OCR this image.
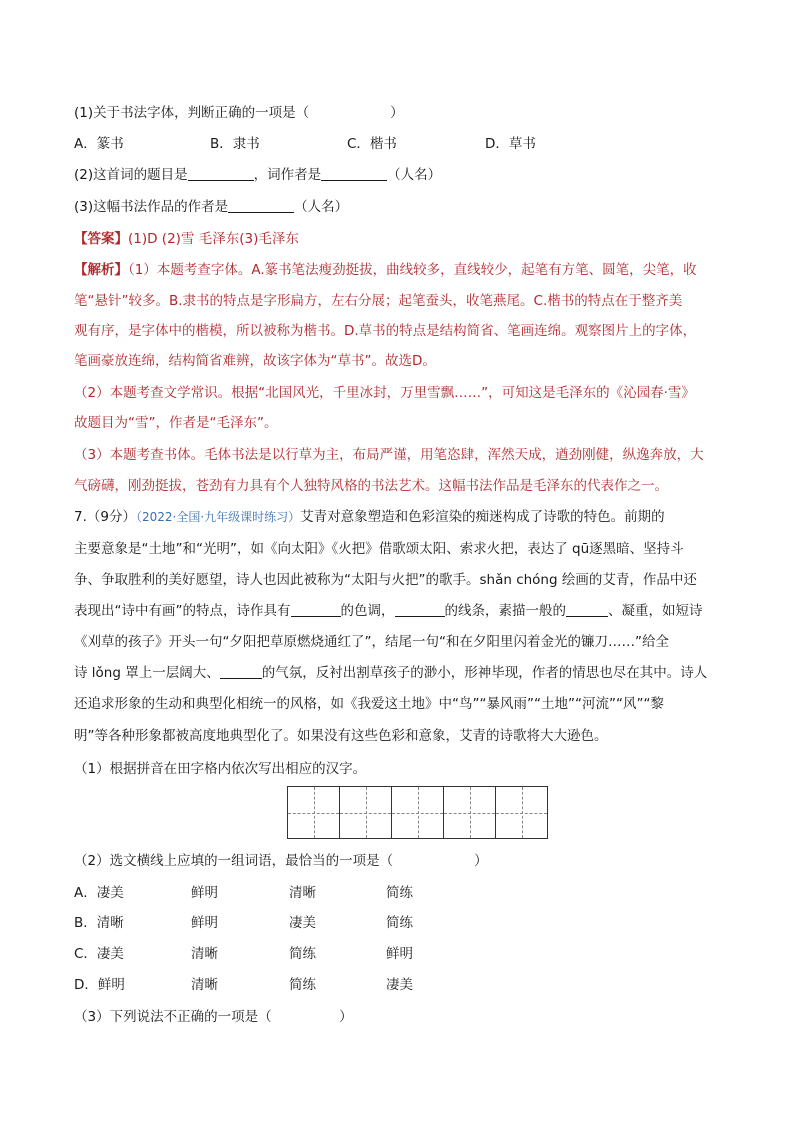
(1)关于书法字体，判断正确的一项是（　　　　　　）
A．篆书	B．隶书	C．楷书	D．草书
(2)这首词的题目是	，词作者是	（人名）
(3)这幅书法作品的作者是	（人名）
【答案】(1)D (2)雪 毛泽东(3)毛泽东
【解析】（1）本题考查字体。A.篆书笔法瘦劲挺拔，曲线较多，直线较少，起笔有方笔、圆笔，尖笔，收
笔“悬针”较多。B.隶书的特点是字形扁方，左右分展；起笔蚕头，收笔燕尾。C.楷书的特点在于整齐美
观有序，是字体中的楷模，所以被称为楷书。D.草书的特点是结构简省、笔画连绵。观察图片上的字体，
笔画豪放连绵，结构简省难辨，故该字体为“草书”。故选D。
（2）本题考查文学常识。根据“北国风光，千里冰封，万里雪飘……”，可知这是毛泽东的《沁园春·雪》
故题目为“雪”，作者是“毛泽东”。
（3）本题考查书体。毛体书法是以行草为主，布局严谨，用笔恣肆，浑然天成，遒劲刚健，纵逸奔放，大
气磅礴，刚劲挺拔，苍劲有力具有个人独特风格的书法艺术。这幅书法作品是毛泽东的代表作之一。
7.（9分）（2022·全国·九年级课时练习）艾青对意象塑造和色彩渲染的痴迷构成了诗歌的特色。前期的
主要意象是“土地”和“光明”，如《向太阳》《火把》借歌颂太阳、索求火把，表达了 qū逐黑暗、坚持斗
争、争取胜利的美好愿望，诗人也因此被称为“太阳与火把”的歌手。shǎn chóng 绘画的艾青，作品中还
表现出“诗中有画”的特点，诗作具有	的色调，	的线条，素描一般的	、凝重，如短诗
《刈草的孩子》开头一句“夕阳把草原燃烧通红了”，结尾一句“和在夕阳里闪着金光的镰刀……”给全
诗 lǒng 罩上一层阔大、	的气氛，反衬出割草孩子的渺小，形神毕现，作者的情思也尽在其中。诗人
还追求形象的生动和典型化相统一的风格，如《我爱这土地》中“鸟”“暴风雨”“土地”“河流”“风”“黎
明”等各种形象都被高度地典型化了。如果没有这些色彩和意象，艾青的诗歌将大大逊色。
（1）根据拼音在田字格内依次写出相应的汉字。
（2）选文横线上应填的一组词语，最恰当的一项是（　　　　　　）
A．凄美	鲜明	清晰	简练
B．清晰	鲜明	凄美	简练
C．凄美	清晰	简练	鲜明
D．鲜明	清晰	简练	凄美
（3）下列说法不正确的一项是（　　　　　）
